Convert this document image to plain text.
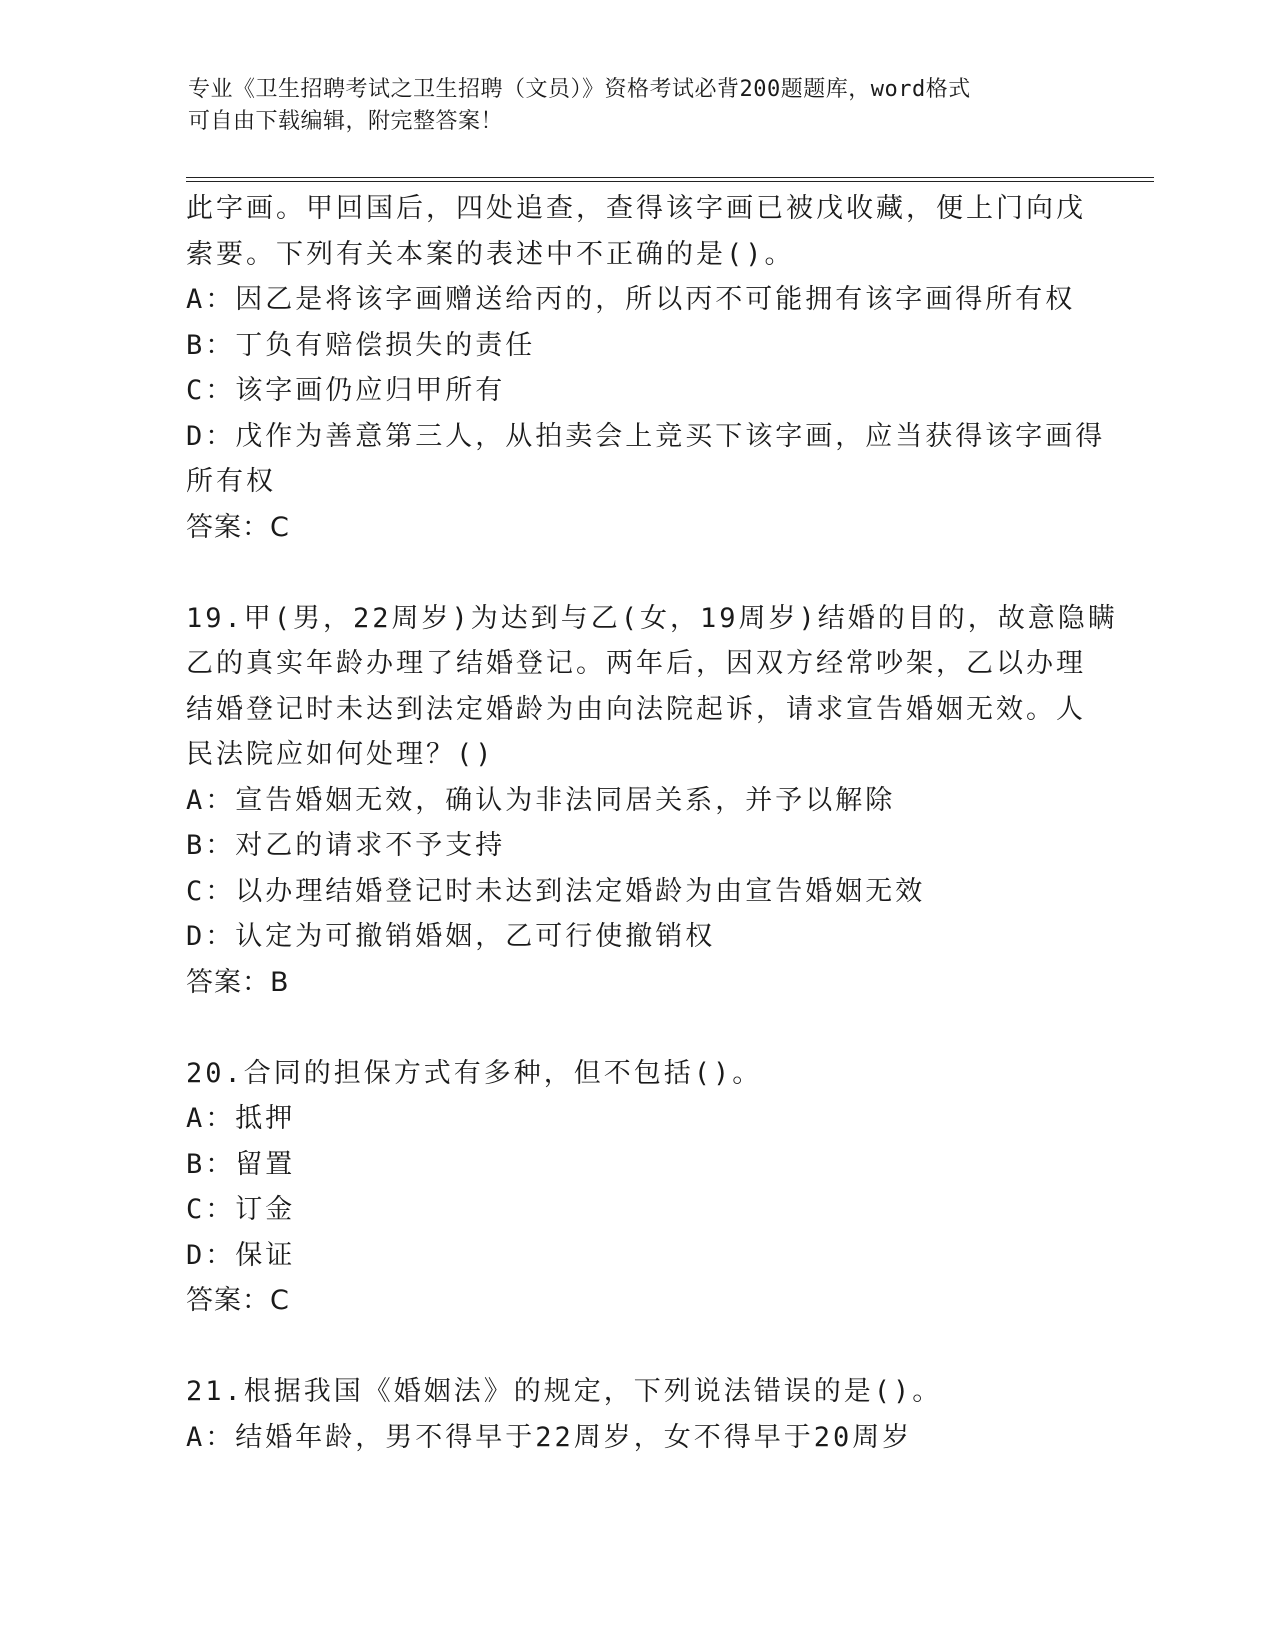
专业《卫生招聘考试之卫生招聘（文员）》资格考试必背200题题库，word格式
可自由下载编辑，附完整答案！
此字画。甲回国后，四处追查，查得该字画已被戊收藏，便上门向戊
索要。下列有关本案的表述中不正确的是()。
A：因乙是将该字画赠送给丙的，所以丙不可能拥有该字画得所有权
B：丁负有赔偿损失的责任
C：该字画仍应归甲所有
D：戊作为善意第三人，从拍卖会上竞买下该字画，应当获得该字画得
所有权
答案：C
19.甲(男，22周岁)为达到与乙(女，19周岁)结婚的目的，故意隐瞒
乙的真实年龄办理了结婚登记。两年后，因双方经常吵架，乙以办理
结婚登记时未达到法定婚龄为由向法院起诉，请求宣告婚姻无效。人
民法院应如何处理？()
A：宣告婚姻无效，确认为非法同居关系，并予以解除
B：对乙的请求不予支持
C：以办理结婚登记时未达到法定婚龄为由宣告婚姻无效
D：认定为可撤销婚姻，乙可行使撤销权
答案：B
20.合同的担保方式有多种，但不包括()。
A：抵押
B：留置
C：订金
D：保证
答案：C
21.根据我国《婚姻法》的规定，下列说法错误的是()。
A：结婚年龄，男不得早于22周岁，女不得早于20周岁
